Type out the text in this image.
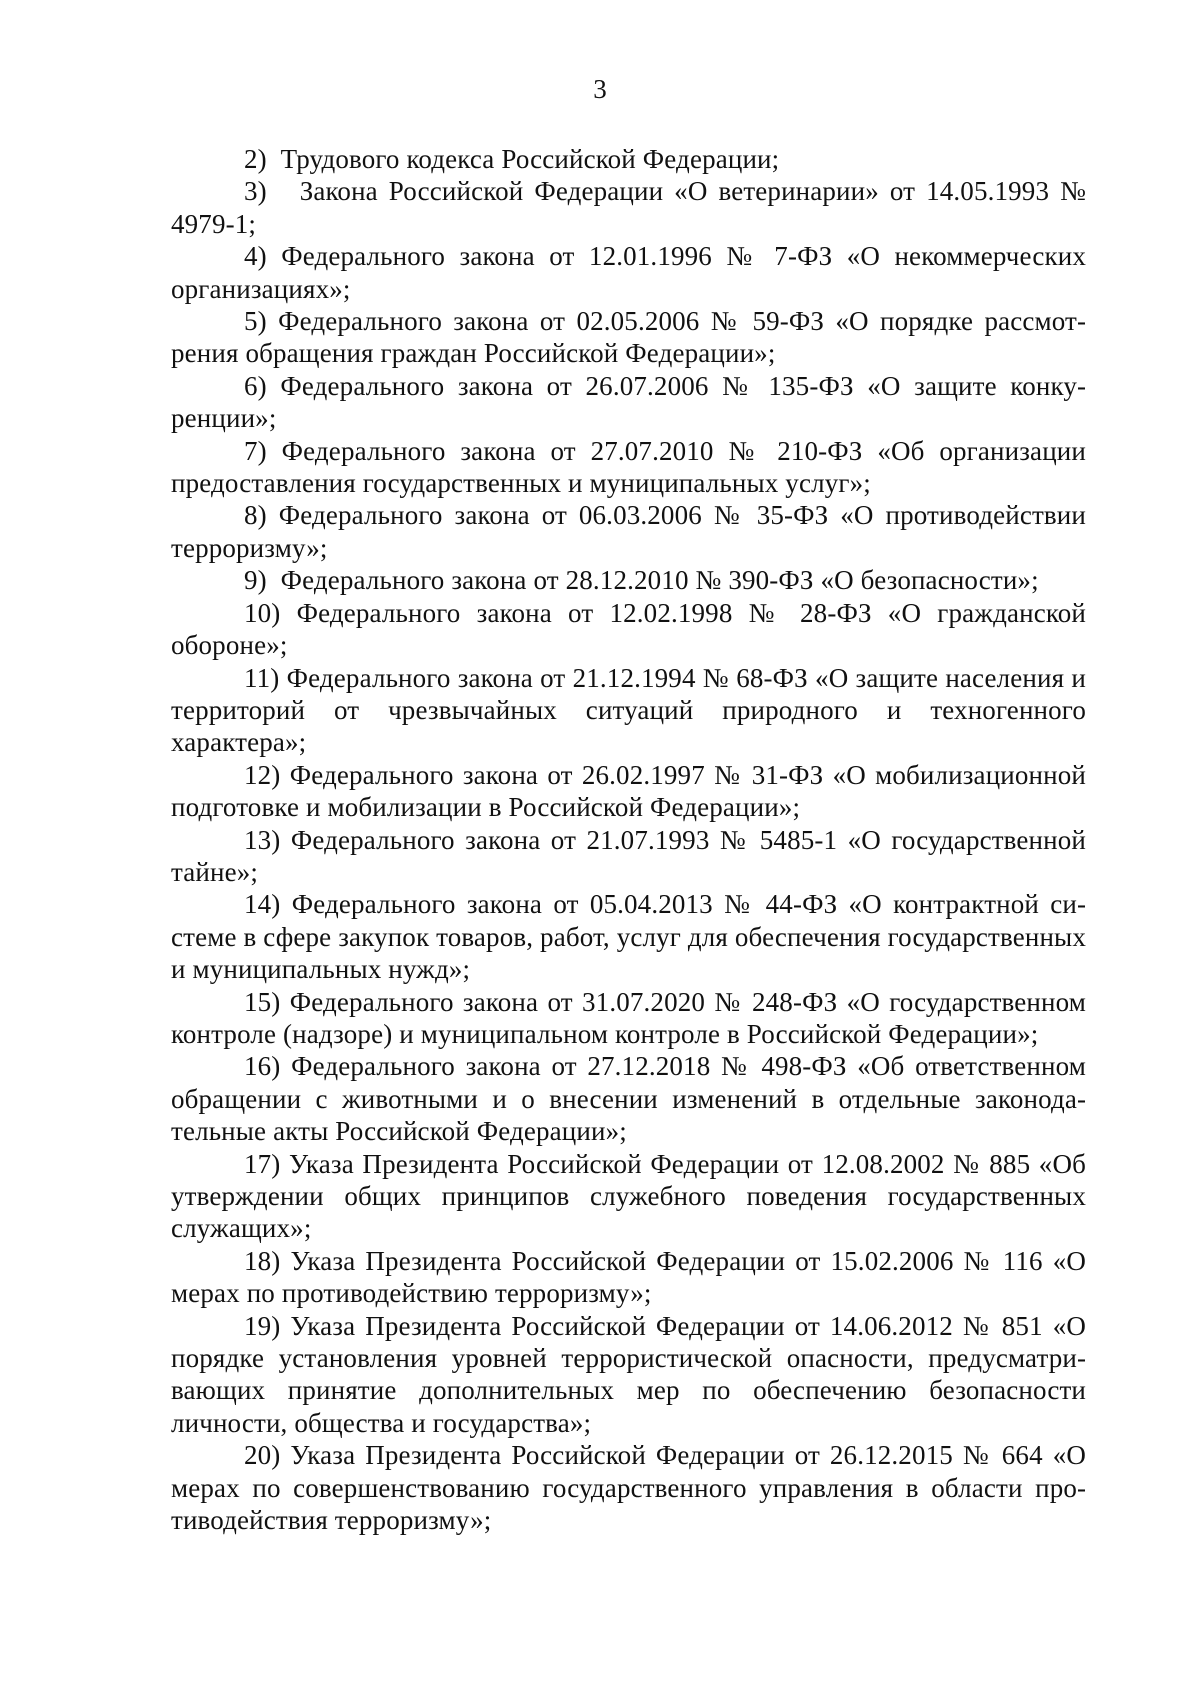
3
2)  Трудового кодекса Российской Федерации;
3)   Закона Российской Федерации «О ветеринарии» от 14.05.1993 № 4979-1;
4) Федерального закона от 12.01.1996 № 7-ФЗ «О некоммерческих организациях»;
5) Федерального закона от 02.05.2006 № 59-ФЗ «О порядке рассмотрения обращения граждан Российской Федерации»;
6) Федерального закона от 26.07.2006 № 135-ФЗ «О защите конкуренции»;
7) Федерального закона от 27.07.2010 № 210-ФЗ «Об организации предоставления государственных и муниципальных услуг»;
8) Федерального закона от 06.03.2006 № 35-ФЗ «О противодействии терроризму»;
9)  Федерального закона от 28.12.2010 № 390-ФЗ «О безопасности»;
10) Федерального закона от 12.02.1998 № 28-ФЗ «О гражданской обороне»;
11) Федерального закона от 21.12.1994 № 68-ФЗ «О защите населения и территорий от чрезвычайных ситуаций природного и техногенного характера»;
12) Федерального закона от 26.02.1997 № 31-ФЗ «О мобилизационной подготовке и мобилизации в Российской Федерации»;
13) Федерального закона от 21.07.1993 № 5485-1 «О государственной тайне»;
14) Федерального закона от 05.04.2013 № 44-ФЗ «О контрактной системе в сфере закупок товаров, работ, услуг для обеспечения государственных и муниципальных нужд»;
15) Федерального закона от 31.07.2020 № 248-ФЗ «О государственном контроле (надзоре) и муниципальном контроле в Российской Федерации»;
16) Федерального закона от 27.12.2018 № 498-ФЗ «Об ответственном обращении с животными и о внесении изменений в отдельные законодательные акты Российской Федерации»;
17) Указа Президента Российской Федерации от 12.08.2002 № 885 «Об утверждении общих принципов служебного поведения государственных служащих»;
18) Указа Президента Российской Федерации от 15.02.2006 № 116 «О мерах по противодействию терроризму»;
19) Указа Президента Российской Федерации от 14.06.2012 № 851 «О порядке установления уровней террористической опасности, предусматривающих принятие дополнительных мер по обеспечению безопасности личности, общества и государства»;
20) Указа Президента Российской Федерации от 26.12.2015 № 664 «О мерах по совершенствованию государственного управления в области противодействия терроризму»;
